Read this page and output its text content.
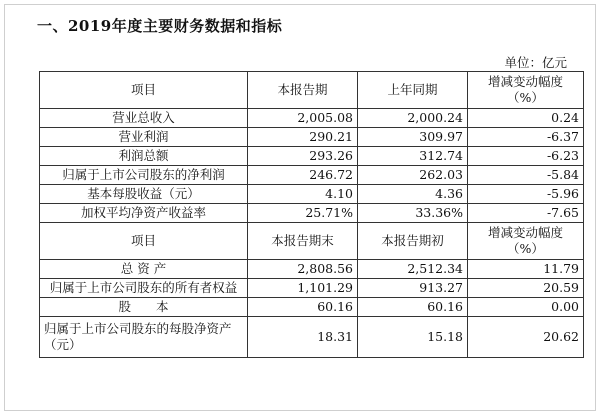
一、2019年度主要财务数据和指标
单位：亿元
项目	本报告期	上年同期	增减变动幅度
（%）

营业总收入	2,005.08	2,000.24	0.24
营业利润	290.21	309.97	-6.37
利润总额	293.26	312.74	-6.23
归属于上市公司股东的净利润	246.72	262.03	-5.84
基本每股收益（元）	4.10	4.36	-5.96
加权平均净资产收益率	25.71%	33.36%	-7.65

项目	本报告期末	本报告期初	增减变动幅度
（%）

总 资 产	2,808.56	2,512.34	11.79
归属于上市公司股东的所有者权益	1,101.29	913.27	20.59
股　　本	60.16	60.16	0.00

归属于上市公司股东的每股净资产
（元）	18.31	15.18	20.62
